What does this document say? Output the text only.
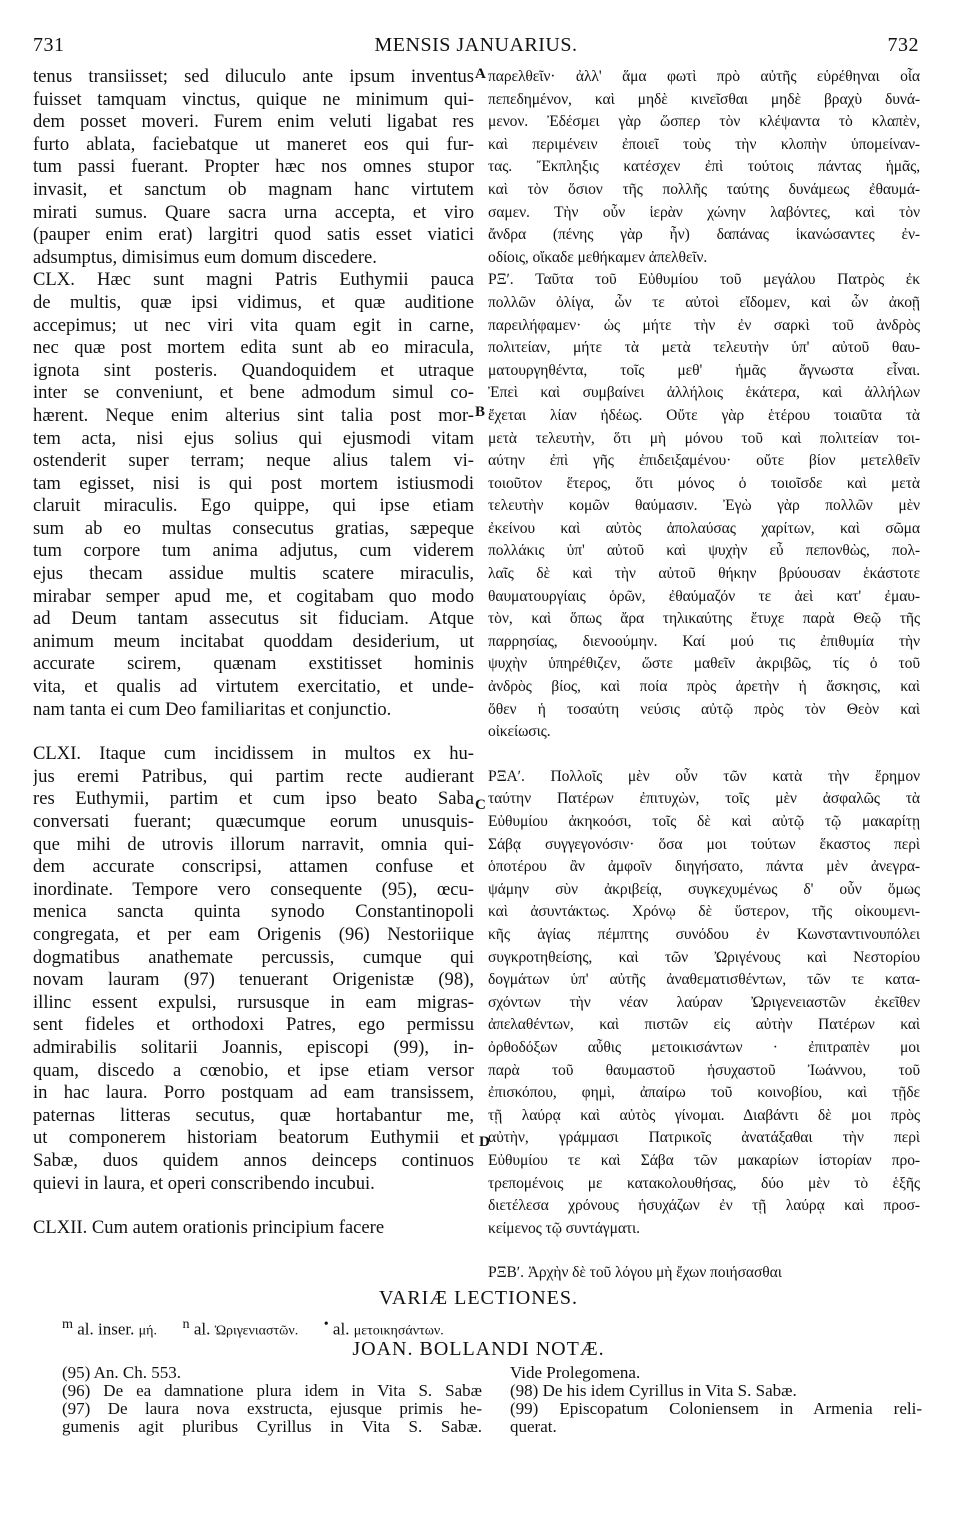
731	MENSIS JANUARIUS.	732
tenus transiisset; sed diluculo ante ipsum inventus
fuisset tamquam vinctus, quique ne minimum qui-
dem posset moveri. Furem enim veluti ligabat res
furto ablata, faciebatque ut maneret eos qui fur-
tum passi fuerant. Propter hæc nos omnes stupor
invasit, et sanctum ob magnam hanc virtutem
mirati sumus. Quare sacra urna accepta, et viro
(pauper enim erat) largitri quod satis esset viatici
adsumptus, dimisimus eum domum discedere.
CLX. Hæc sunt magni Patris Euthymii pauca
de multis, quæ ipsi vidimus, et quæ auditione
accepimus; ut nec viri vita quam egit in carne,
nec quæ post mortem edita sunt ab eo miracula,
ignota sint posteris. Quandoquidem et utraque
inter se conveniunt, et bene admodum simul co-
hærent. Neque enim alterius sint talia post mor-
tem acta, nisi ejus solius qui ejusmodi vitam
ostenderit super terram; neque alius talem vi-
tam egisset, nisi is qui post mortem istiusmodi
claruit miraculis. Ego quippe, qui ipse etiam
sum ab eo multas consecutus gratias, sæpeque
tum corpore tum anima adjutus, cum viderem
ejus thecam assidue multis scatere miraculis,
mirabar semper apud me, et cogitabam quo modo
ad Deum tantam assecutus sit fiduciam. Atque
animum meum incitabat quoddam desiderium, ut
accurate scirem, quænam exstitisset hominis
vita, et qualis ad virtutem exercitatio, et unde-
nam tanta ei cum Deo familiaritas et conjunctio.
CLXI. Itaque cum incidissem in multos ex hu-
jus eremi Patribus, qui partim recte audierant
res Euthymii, partim et cum ipso beato Saba
conversati fuerant; quæcumque eorum unusquis-
que mihi de utrovis illorum narravit, omnia qui-
dem accurate conscripsi, attamen confuse et
inordinate. Tempore vero consequente (95), œcu-
menica sancta quinta synodo Constantinopoli
congregata, et per eam Origenis (96) Nestoriique
dogmatibus anathemate percussis, cumque qui
novam lauram (97) tenuerant Origenistæ (98),
illinc essent expulsi, rursusque in eam migras-
sent fideles et orthodoxi Patres, ego permissu
admirabilis solitarii Joannis, episcopi (99), in-
quam, discedo a cœnobio, et ipse etiam versor
in hac laura. Porro postquam ad eam transissem,
paternas litteras secutus, quæ hortabantur me,
ut componerem historiam beatorum Euthymii et
Sabæ, duos quidem annos deinceps continuos
quievi in laura, et operi conscribendo incubui.
CLXII. Cum autem orationis principium facere
παρελθεῖν· ἀλλ' ἅμα φωτὶ πρὸ αὐτῆς εὑρέθηναι οἷα
πεπεδημένον, καὶ μηδὲ κινεῖσθαι μηδὲ βραχὺ δυνά-
μενον. Ἐδέσμει γὰρ ὥσπερ τὸν κλέψαντα τὸ κλαπὲν,
καὶ περιμένειν ἐποιεῖ τοὺς τὴν κλοπὴν ὑπομείναν-
τας. Ἔκπληξις κατέσχεν ἐπὶ τούτοις πάντας ἡμᾶς,
καὶ τὸν ὅσιον τῆς πολλῆς ταύτης δυνάμεως ἐθαυμά-
σαμεν. Τὴν οὖν ἱερὰν χώνην λαβόντες, καὶ τὸν
ἄνδρα (πένης γὰρ ἦν) δαπάνας ἱκανώσαντες ἐν-
οδίοις, οἴκαδε μεθήκαμεν ἀπελθεῖν.
ΡΞʹ. Ταῦτα τοῦ Εὐθυμίου τοῦ μεγάλου Πατρὸς ἐκ
πολλῶν ὀλίγα, ὧν τε αὐτοὶ εἴδομεν, καὶ ὧν ἀκοῇ
παρειλήφαμεν· ὡς μήτε τὴν ἐν σαρκὶ τοῦ ἀνδρὸς
πολιτείαν, μήτε τὰ μετὰ τελευτὴν ὑπ' αὐτοῦ θαυ-
ματουργηθέντα, τοῖς μεθ' ἡμᾶς ἄγνωστα εἶναι.
Ἐπεὶ καὶ συμβαίνει ἀλλήλοις ἑκάτερα, καὶ ἀλλήλων
ἔχεται λίαν ἡδέως. Οὔτε γὰρ ἑτέρου τοιαῦτα τὰ
μετὰ τελευτὴν, ὅτι μὴ μόνου τοῦ καὶ πολιτείαν τοι-
αύτην ἐπὶ γῆς ἐπιδειξαμένου· οὔτε βίον μετελθεῖν
τοιοῦτον ἕτερος, ὅτι μόνος ὁ τοιοῖσδε καὶ μετὰ
τελευτὴν κομῶν θαύμασιν. Ἐγὼ γὰρ πολλῶν μὲν
ἐκείνου καὶ αὐτὸς ἀπολαύσας χαρίτων, καὶ σῶμα
πολλάκις ὑπ' αὐτοῦ καὶ ψυχὴν εὖ πεπονθὼς, πολ-
λαῖς δὲ καὶ τὴν αὐτοῦ θήκην βρύουσαν ἑκάστοτε
θαυματουργίαις ὁρῶν, ἐθαύμαζόν τε ἀεὶ κατ' ἐμαυ-
τὸν, καὶ ὅπως ἄρα τηλικαύτης ἔτυχε παρὰ Θεῷ τῆς
παρρησίας, διενοούμην. Καί μού τις ἐπιθυμία τὴν
ψυχὴν ὑπηρέθιζεν, ὥστε μαθεῖν ἀκριβῶς, τίς ὁ τοῦ
ἀνδρὸς βίος, καὶ ποία πρὸς ἀρετὴν ἡ ἄσκησις, καὶ
ὅθεν ἡ τοσαύτη νεύσις αὐτῷ πρὸς τὸν Θεὸν καὶ
οἰκείωσις.
ΡΞΑʹ. Πολλοῖς μὲν οὖν τῶν κατὰ τὴν ἔρημον
ταύτην Πατέρων ἐπιτυχὼν, τοῖς μὲν ἀσφαλῶς τὰ
Εὐθυμίου ἀκηκοόσι, τοῖς δὲ καὶ αὐτῷ τῷ μακαρίτῃ
Σάβᾳ συγγεγονόσιν· ὅσα μοι τούτων ἕκαστος περὶ
ὁποτέρου ἂν ἀμφοῖν διηγήσατο, πάντα μὲν ἀνεγρα-
ψάμην σὺν ἀκριβείᾳ, συγκεχυμένως δ' οὖν ὅμως
καὶ ἀσυντάκτως. Χρόνῳ δὲ ὕστερον, τῆς οἰκουμενι-
κῆς ἁγίας πέμπτης συνόδου ἐν Κωνσταντινουπόλει
συγκροτηθείσης, καὶ τῶν Ὠριγένους καὶ Νεστορίου
δογμάτων ὑπ' αὐτῆς ἀναθεματισθέντων, τῶν τε κατα-
σχόντων τὴν νέαν λαύραν Ὠριγενειαστῶν ἐκεῖθεν
ἀπελαθέντων, καὶ πιστῶν εἰς αὐτὴν Πατέρων καὶ
ὀρθοδόξων αὖθις μετοικισάντων · ἐπιτραπὲν μοι
παρὰ τοῦ θαυμαστοῦ ἡσυχαστοῦ Ἰωάννου, τοῦ
ἐπισκόπου, φημὶ, ἀπαίρω τοῦ κοινοβίου, καὶ τῇδε
τῇ λαύρᾳ καὶ αὐτὸς γίνομαι. Διαβάντι δὲ μοι πρὸς
αὐτὴν, γράμμασι Πατρικοῖς ἀνατάξαθαι τὴν περὶ
Εὐθυμίου τε καὶ Σάβα τῶν μακαρίων ἱστορίαν προ-
τρεπομένοις με κατακολουθήσας, δύο μὲν τὸ ἑξῆς
διετέλεσα χρόνους ἡσυχάζων ἐν τῇ λαύρᾳ καὶ προσ-
κείμενος τῷ συντάγματι.
ΡΞΒʹ. Ἀρχὴν δὲ τοῦ λόγου μὴ ἔχων ποιήσασθαι
A
B
C
D
VARIÆ LECTIONES.
$^m$ al. inser. μή. $^n$ al. Ὠριγενιαστῶν. • al. μετοικησάντων.
JOAN. BOLLANDI NOTÆ.
(95) An. Ch. 553.
(96) De ea damnatione plura idem in Vita S. Sabæ
(97) De laura nova exstructa, ejusque primis he-
gumenis agit pluribus Cyrillus in Vita S. Sabæ.
Vide Prolegomena.
(98) De his idem Cyrillus in Vita S. Sabæ.
(99) Episcopatum Coloniensem in Armenia reli-
querat.
